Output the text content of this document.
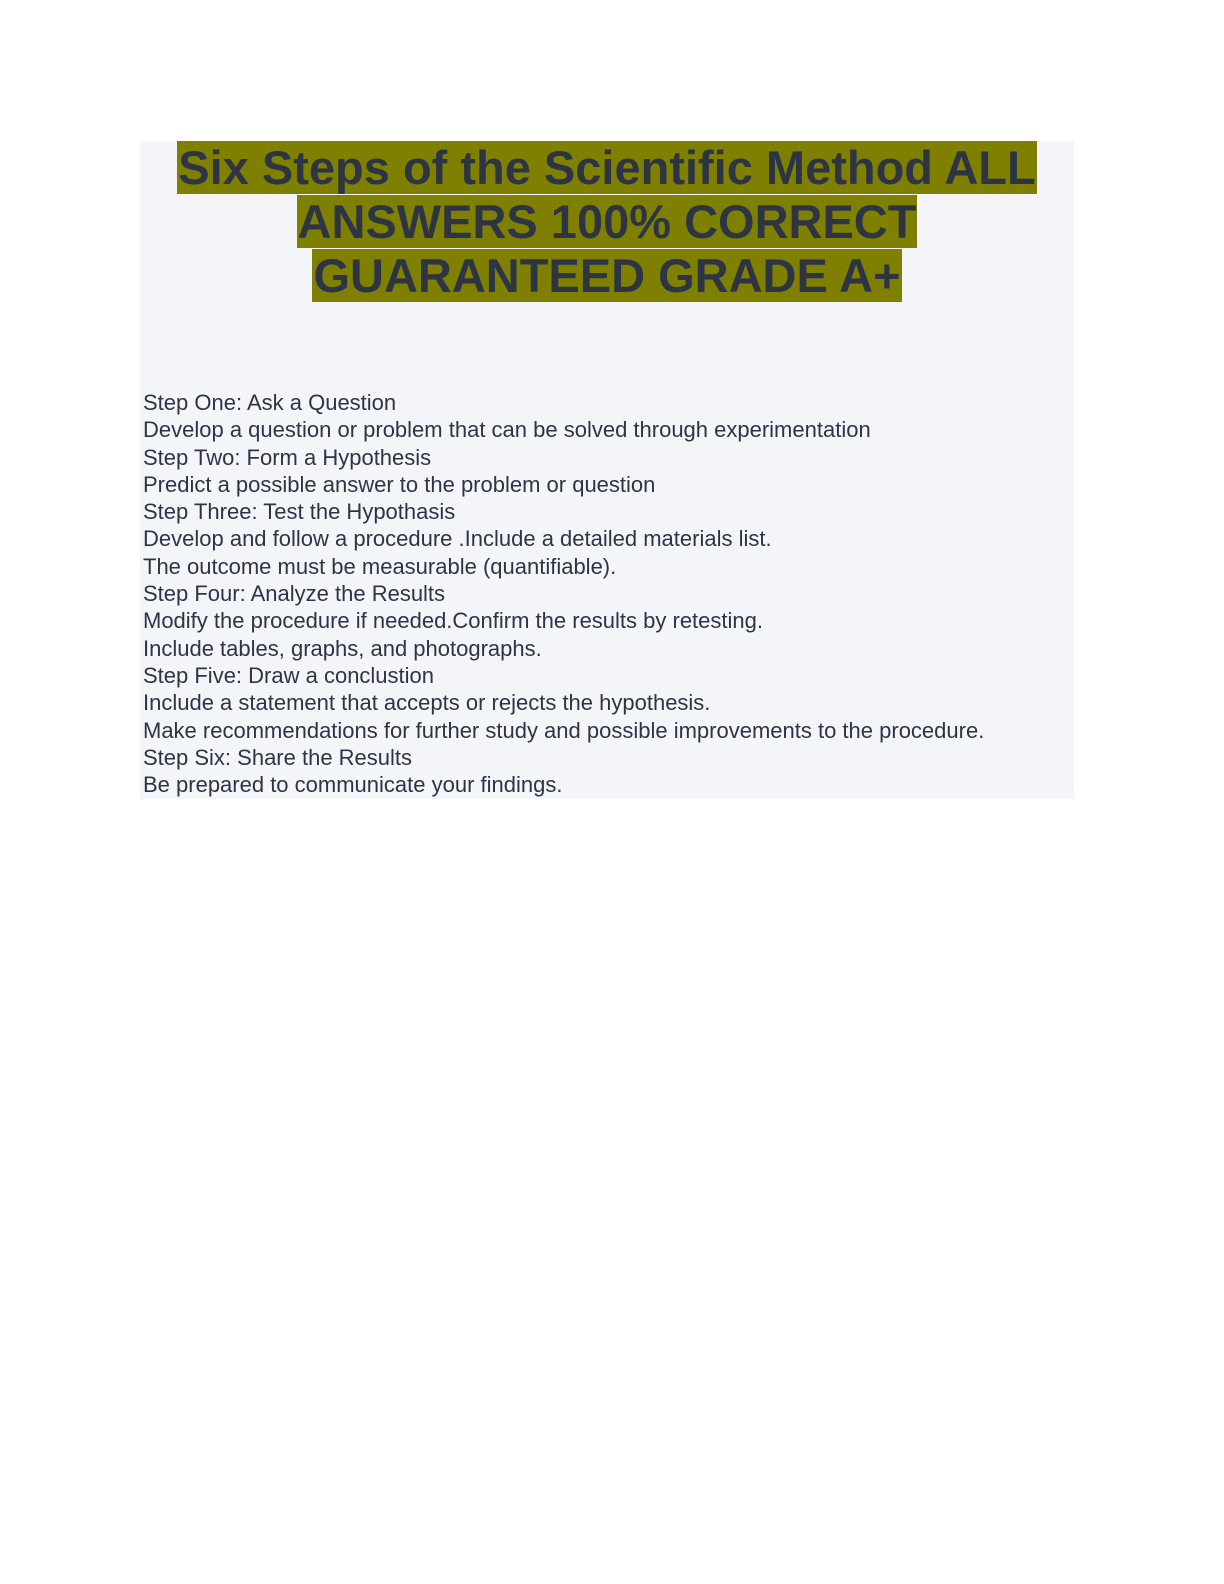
Six Steps of the Scientific Method ALL
ANSWERS 100% CORRECT
GUARANTEED GRADE A+
Step One: Ask a Question
Develop a question or problem that can be solved through experimentation
Step Two: Form a Hypothesis
Predict a possible answer to the problem or question
Step Three: Test the Hypothasis
Develop and follow a procedure .Include a detailed materials list.
The outcome must be measurable (quantifiable).
Step Four: Analyze the Results
Modify the procedure if needed.Confirm the results by retesting.
Include tables, graphs, and photographs.
Step Five: Draw a conclustion
Include a statement that accepts or rejects the hypothesis.
Make recommendations for further study and possible improvements to the procedure.
Step Six: Share the Results
Be prepared to communicate your findings.
